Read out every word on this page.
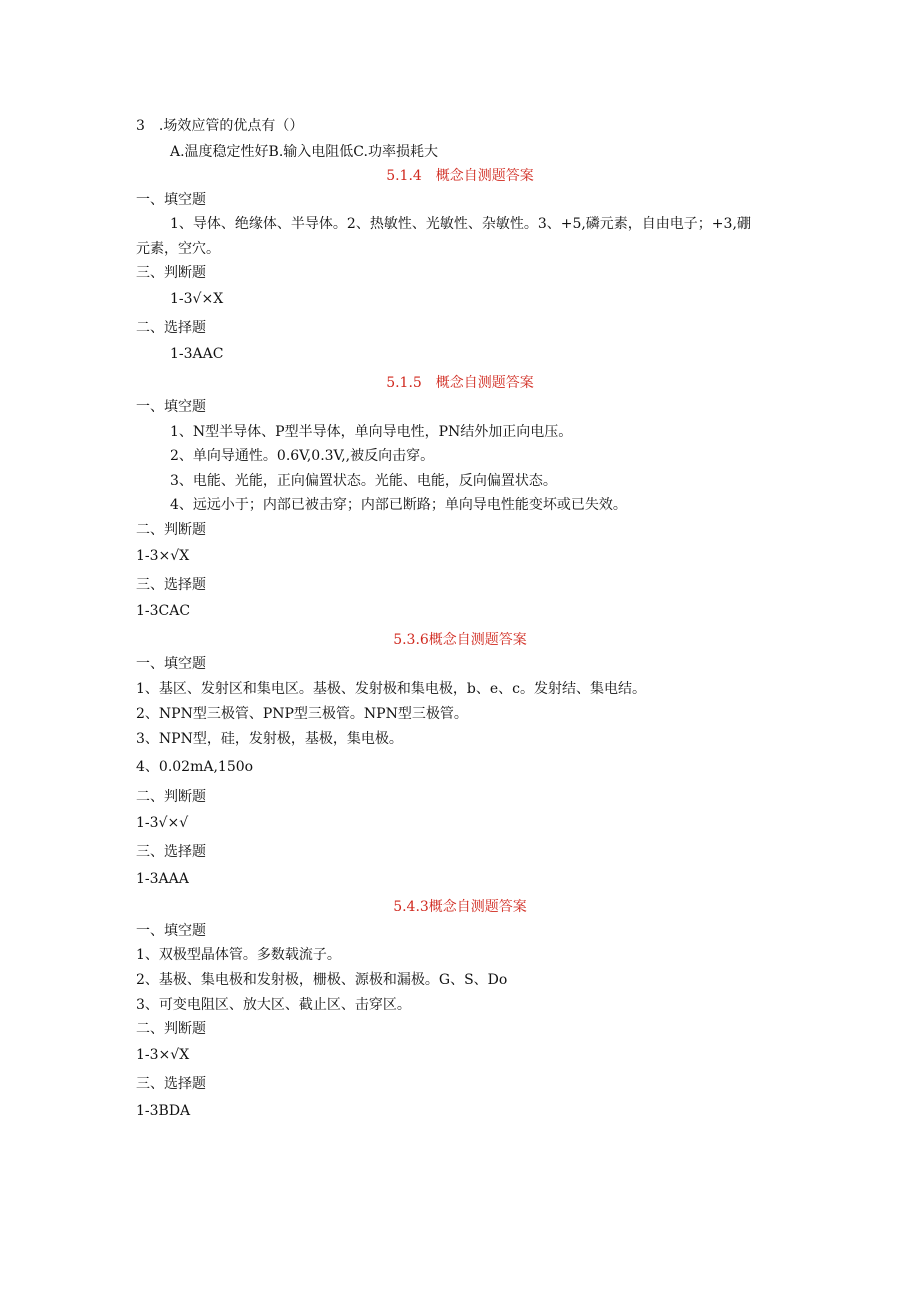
3　.场效应管的优点有（）
A.温度稳定性好B.输入电阻低C.功率损耗大
5.1.4　概念自测题答案
一、填空题
1、导体、绝缘体、半导体。2、热敏性、光敏性、杂敏性。3、+5,磷元素，自由电子；+3,硼
元素，空穴。
三、判断题
1-3√×X
二、选择题
1-3AAC
5.1.5　概念自测题答案
一、填空题
1、N型半导体、P型半导体，单向导电性，PN结外加正向电压。
2、单向导通性。0.6V,0.3V,,被反向击穿。
3、电能、光能，正向偏置状态。光能、电能，反向偏置状态。
4、远远小于；内部已被击穿；内部已断路；单向导电性能变坏或已失效。
二、判断题
1-3×√X
三、选择题
1-3CAC
5.3.6概念自测题答案
一、填空题
1、基区、发射区和集电区。基极、发射极和集电极，b、e、c。发射结、集电结。
2、NPN型三极管、PNP型三极管。NPN型三极管。
3、NPN型，硅，发射极，基极，集电极。
4、0.02mA,150o
二、判断题
1-3√×√
三、选择题
1-3AAA
5.4.3概念自测题答案
一、填空题
1、双极型晶体管。多数载流子。
2、基极、集电极和发射极，栅极、源极和漏极。G、S、Do
3、可变电阻区、放大区、截止区、击穿区。
二、判断题
1-3×√X
三、选择题
1-3BDA
